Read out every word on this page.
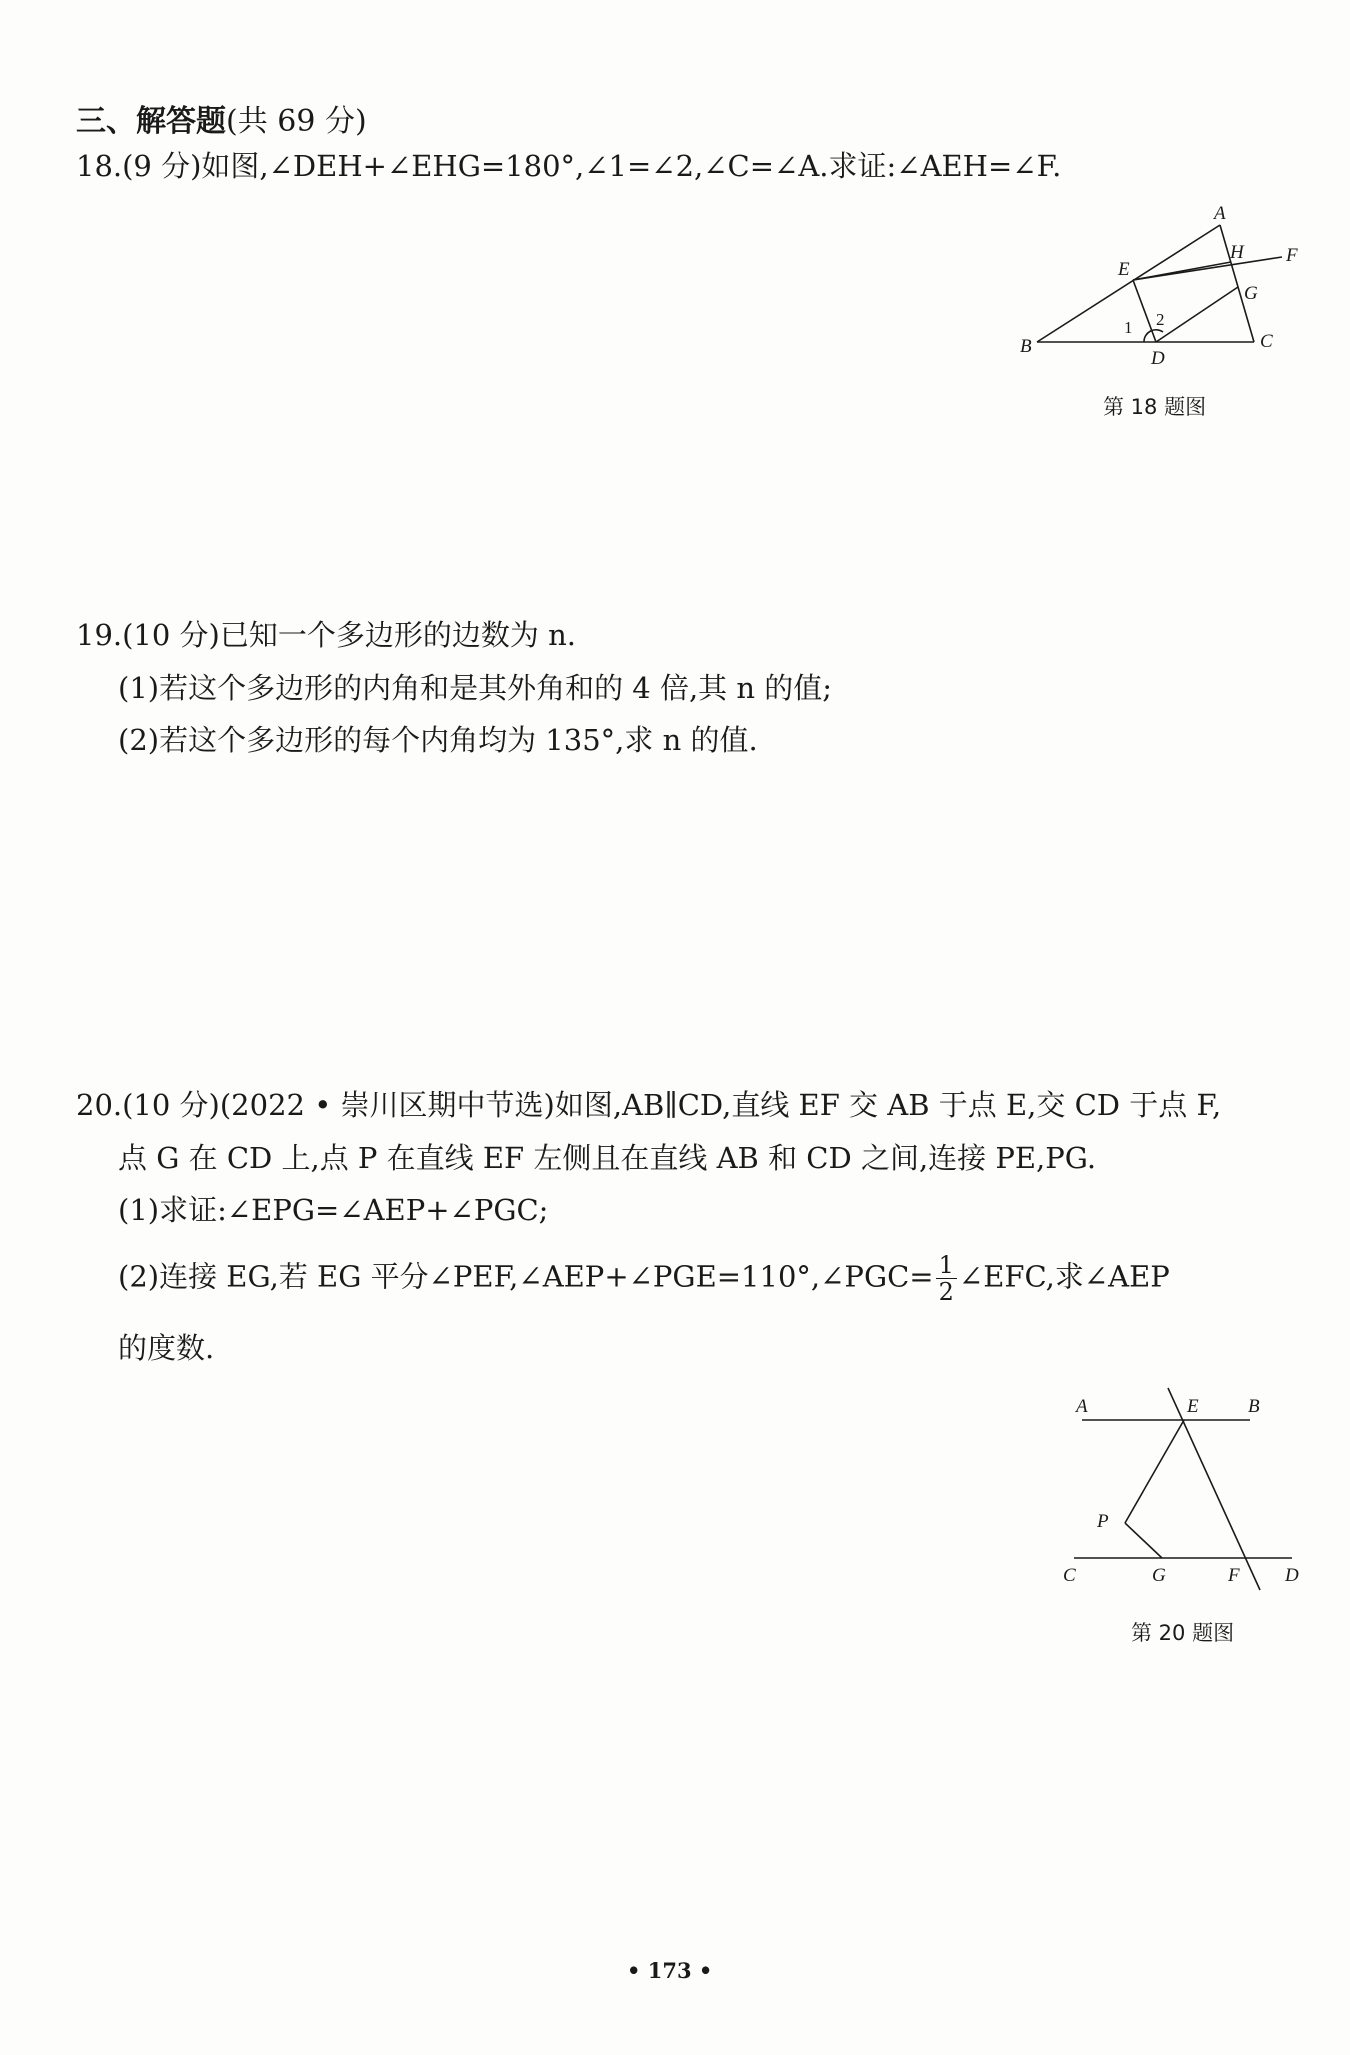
三、解答题(共 69 分)
18.(9 分)如图,∠DEH+∠EHG=180°,∠1=∠2,∠C=∠A.求证:∠AEH=∠F.
A
H
E
F
G
1 2
B
D
C
第 18 题图
19.(10 分)已知一个多边形的边数为 n.
(1)若这个多边形的内角和是其外角和的 4 倍,其 n 的值;
(2)若这个多边形的每个内角均为 135°,求 n 的值.
20.(10 分)(2022 • 崇川区期中节选)如图,AB∥CD,直线 EF 交 AB 于点 E,交 CD 于点 F,
点 G 在 CD 上,点 P 在直线 EF 左侧且在直线 AB 和 CD 之间,连接 PE,PG.
(1)求证:∠EPG=∠AEP+∠PGC;
(2)连接 EG,若 EG 平分∠PEF,∠AEP+∠PGE=110°,∠PGC= $\frac{1}{2}$ ∠EFC,求∠AEP
的度数.
A	E	B
P
C	G	F D
第 20 题图
• 173 •
